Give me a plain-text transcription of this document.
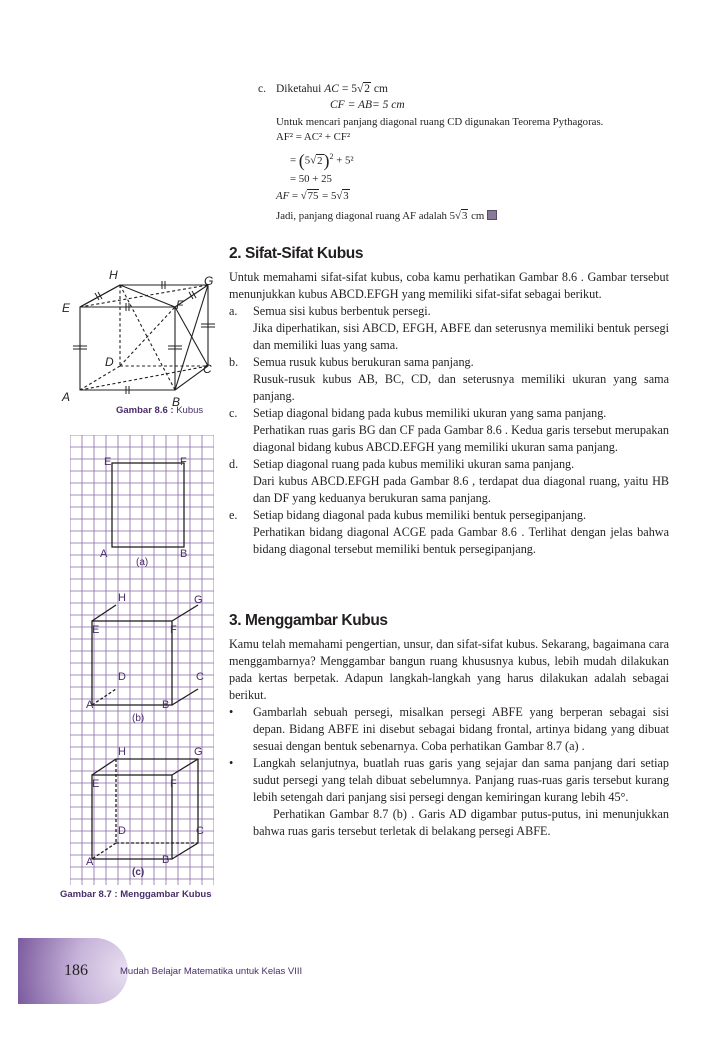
c. Diketahui AC = 5√2 cm
CF = AB= 5 cm
Untuk mencari panjang diagonal ruang CD digunakan Teorema Pythagoras.
AF² = AC² + CF²
= $(5√2)^2 + 5^2$
= 50 + 25
AF = √75 = 5√3
Jadi, panjang diagonal ruang AF adalah 5√3 cm
2. Sifat-Sifat Kubus

Untuk memahami sifat-sifat kubus, coba kamu perhatikan Gambar 8.6 . Gambar tersebut menunjukkan kubus ABCD.EFGH yang memiliki sifat-sifat sebagai berikut.

a. Semua sisi kubus berbentuk persegi.
Jika diperhatikan, sisi ABCD, EFGH, ABFE dan seterusnya memiliki bentuk persegi dan memiliki luas yang sama.
b. Semua rusuk kubus berukuran sama panjang.
Rusuk-rusuk kubus AB, BC, CD, dan seterusnya memiliki ukuran yang sama panjang.
c. Setiap diagonal bidang pada kubus memiliki ukuran yang sama panjang.
Perhatikan ruas garis BG dan CF pada Gambar 8.6 . Kedua garis tersebut merupakan diagonal bidang kubus ABCD.EFGH yang memiliki ukuran sama panjang.
d. Setiap diagonal ruang pada kubus memiliki ukuran sama panjang.
Dari kubus ABCD.EFGH pada Gambar 8.6 , terdapat dua diagonal ruang, yaitu HB dan DF yang keduanya berukuran sama panjang.
e. Setiap bidang diagonal pada kubus memiliki bentuk persegipanjang.
Perhatikan bidang diagonal ACGE pada Gambar 8.6 . Terlihat dengan jelas bahwa bidang diagonal tersebut memiliki bentuk persegipanjang.
3. Menggambar Kubus

Kamu telah memahami pengertian, unsur, dan sifat-sifat kubus. Sekarang, bagaimana cara menggambarnya? Menggambar bangun ruang khususnya kubus, lebih mudah dilakukan pada kertas berpetak. Adapun langkah-langkah yang harus dilakukan adalah sebagai berikut.

• Gambarlah sebuah persegi, misalkan persegi ABFE yang berperan sebagai sisi depan. Bidang ABFE ini disebut sebagai bidang frontal, artinya bidang yang dibuat sesuai dengan bentuk sebenarnya. Coba perhatikan Gambar 8.7 (a) .
• Langkah selanjutnya, buatlah ruas garis yang sejajar dan sama panjang dari setiap sudut persegi yang telah dibuat sebelumnya. Panjang ruas-ruas garis tersebut kurang lebih setengah dari panjang sisi persegi dengan kemiringan kurang lebih 45°.
Perhatikan Gambar 8.7 (b) . Garis AD digambar putus-putus, ini menunjukkan bahwa ruas garis tersebut terletak di belakang persegi ABFE.
A	B
C
D
E	F
G
H
Gambar 8.6 : Kubus
E	F
A	B
(a)
H	G
E	F
D	C
A	B
(b)
H	G
E	F
D	C
A	B
(c)
Gambar 8.7 : Menggambar Kubus
186	Mudah Belajar Matematika untuk Kelas VIII
